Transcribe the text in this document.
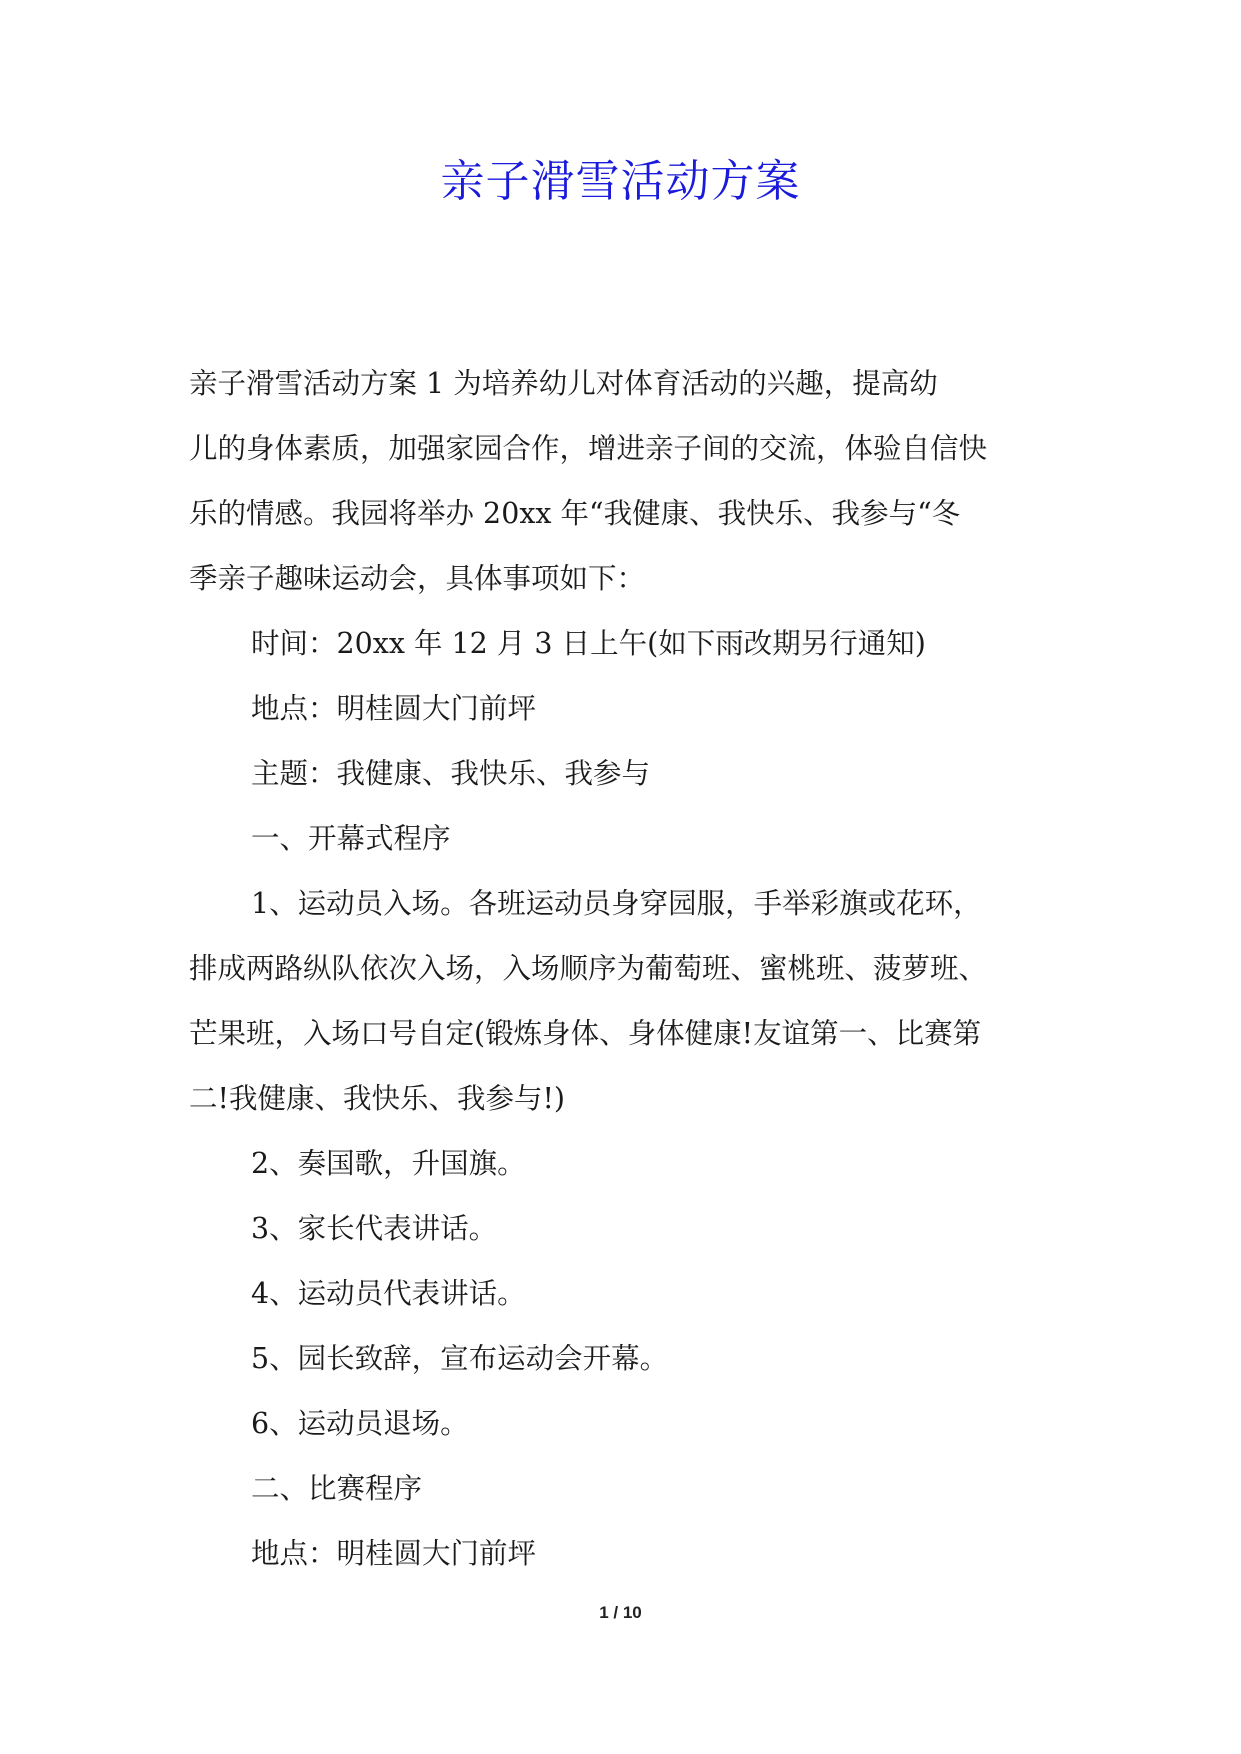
亲子滑雪活动方案

亲子滑雪活动方案 1 为培养幼儿对体育活动的兴趣，提高幼

儿的身体素质，加强家园合作，增进亲子间的交流，体验自信快

乐的情感。我园将举办 20xx 年“我健康、我快乐、我参与“冬

季亲子趣味运动会，具体事项如下：

时间：20xx 年 12 月 3 日上午(如下雨改期另行通知)

地点：明桂圆大门前坪

主题：我健康、我快乐、我参与

一、开幕式程序

1、运动员入场。各班运动员身穿园服，手举彩旗或花环，

排成两路纵队依次入场，入场顺序为葡萄班、蜜桃班、菠萝班、

芒果班，入场口号自定(锻炼身体、身体健康!友谊第一、比赛第

二!我健康、我快乐、我参与!)

2、奏国歌，升国旗。

3、家长代表讲话。

4、运动员代表讲话。

5、园长致辞，宣布运动会开幕。

6、运动员退场。

二、比赛程序

地点：明桂圆大门前坪

1 / 10
